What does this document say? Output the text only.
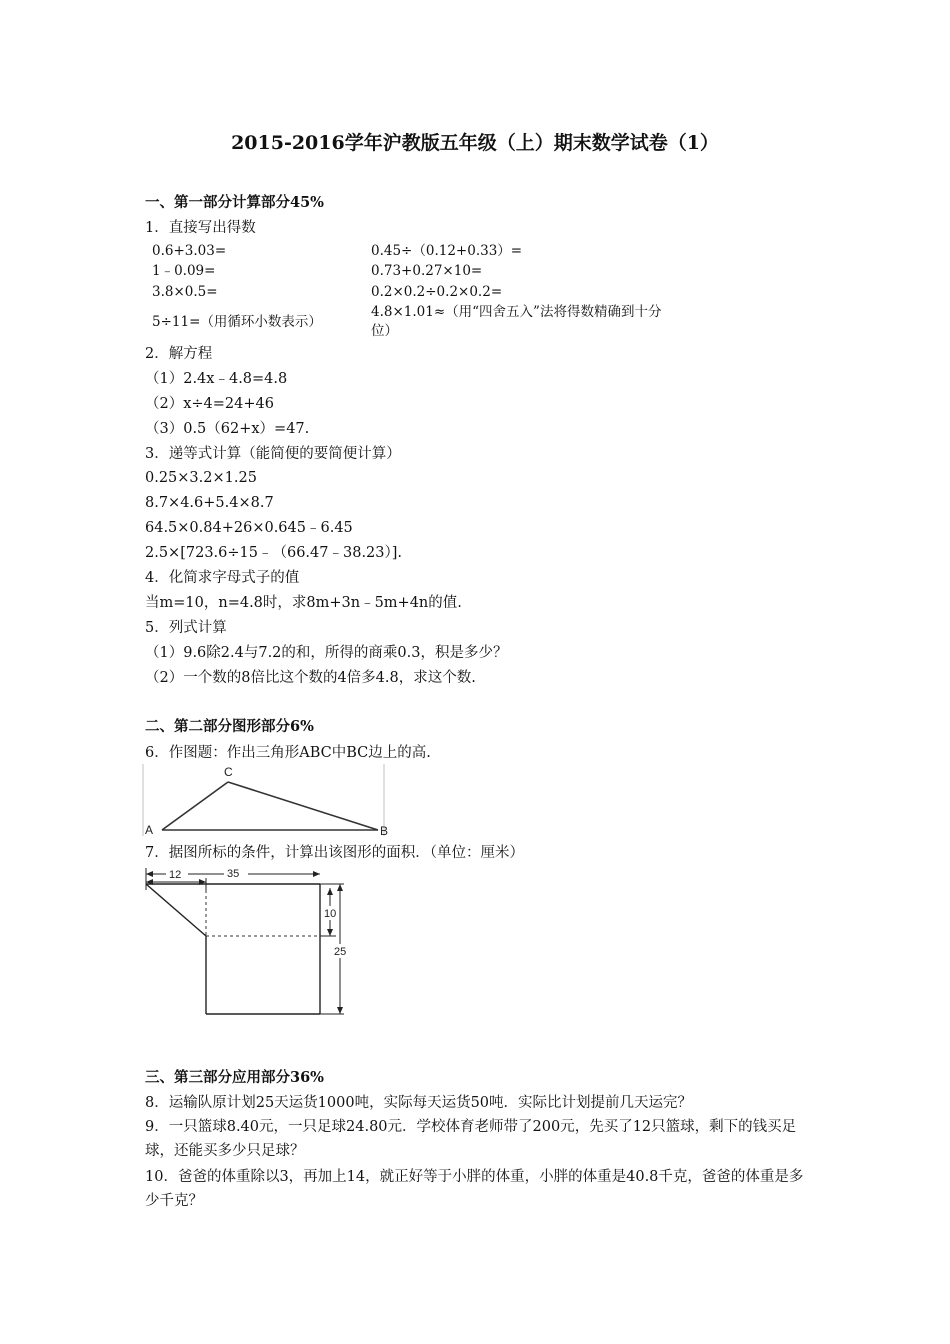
2015-2016学年沪教版五年级（上）期末数学试卷（1）
一、第一部分计算部分45%
1．直接写出得数
0.6+3.03=
1﹣0.09=
3.8×0.5=
5÷11=（用循环小数表示）
0.45÷（0.12+0.33）=
0.73+0.27×10=
0.2×0.2÷0.2×0.2=
4.8×1.01≈（用“四舍五入”法将得数精确到十分
位）
2．解方程
（1）2.4x﹣4.8=4.8
（2）x÷4=24+46
（3）0.5（62+x）=47.
3．递等式计算（能简便的要简便计算）
0.25×3.2×1.25
8.7×4.6+5.4×8.7
64.5×0.84+26×0.645﹣6.45
2.5×[723.6÷15﹣（66.47﹣38.23）].
4．化简求字母式子的值
当m=10，n=4.8时，求8m+3n﹣5m+4n的值.
5．列式计算
（1）9.6除2.4与7.2的和，所得的商乘0.3，积是多少？
（2）一个数的8倍比这个数的4倍多4.8，求这个数.
二、第二部分图形部分6%
6．作图题：作出三角形ABC中BC边上的高.
C
A	B
7．据图所标的条件，计算出该图形的面积．（单位：厘米）
35
12
10
25
三、第三部分应用部分36%
8．运输队原计划25天运货1000吨，实际每天运货50吨．实际比计划提前几天运完？
9．一只篮球8.40元，一只足球24.80元．学校体育老师带了200元，先买了12只篮球，剩下的钱买足球，还能买多少只足球？
10．爸爸的体重除以3，再加上14，就正好等于小胖的体重，小胖的体重是40.8千克，爸爸的体重是多少千克？
